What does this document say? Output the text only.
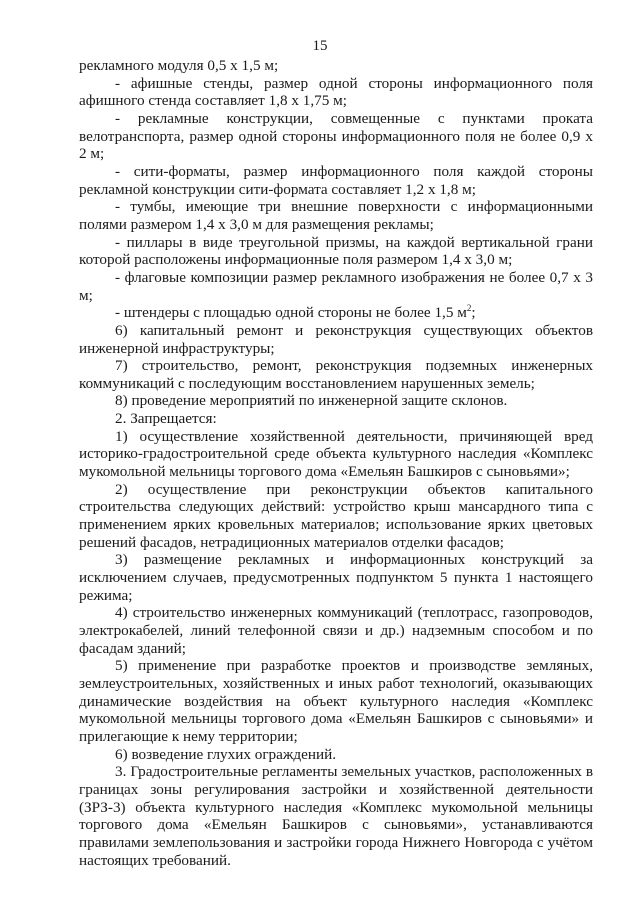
15

рекламного модуля 0,5 х 1,5 м;

- афишные стенды, размер одной стороны информационного поля афишного стенда составляет 1,8 х 1,75 м;

- рекламные конструкции, совмещенные с пунктами проката велотранспорта, размер одной стороны информационного поля не более 0,9 х 2 м;

- сити-форматы, размер информационного поля каждой стороны рекламной конструкции сити-формата составляет 1,2 х 1,8 м;

- тумбы, имеющие три внешние поверхности с информационными полями размером 1,4 х 3,0 м для размещения рекламы;

- пиллары в виде треугольной призмы, на каждой вертикальной грани которой расположены информационные поля размером 1,4 х 3,0 м;

- флаговые композиции размер рекламного изображения не более 0,7 х 3 м;

- штендеры с площадью одной стороны не более 1,5 $м^2$;

6) капитальный ремонт и реконструкция существующих объектов инженерной инфраструктуры;

7) строительство, ремонт, реконструкция подземных инженерных коммуникаций с последующим восстановлением нарушенных земель;

8) проведение мероприятий по инженерной защите склонов.

2. Запрещается:

1) осуществление хозяйственной деятельности, причиняющей вред историко-градостроительной среде объекта культурного наследия «Комплекс мукомольной мельницы торгового дома «Емельян Башкиров с сыновьями»;

2) осуществление при реконструкции объектов капитального строительства следующих действий: устройство крыш мансардного типа с применением ярких кровельных материалов; использование ярких цветовых решений фасадов, нетрадиционных материалов отделки фасадов;

3) размещение рекламных и информационных конструкций за исключением случаев, предусмотренных подпунктом 5 пункта 1 настоящего режима;

4) строительство инженерных коммуникаций (теплотрасс, газопроводов, электрокабелей, линий телефонной связи и др.) надземным способом и по фасадам зданий;

5) применение при разработке проектов и производстве земляных, землеустроительных, хозяйственных и иных работ технологий, оказывающих динамические воздействия на объект культурного наследия «Комплекс мукомольной мельницы торгового дома «Емельян Башкиров с сыновьями» и прилегающие к нему территории;

6) возведение глухих ограждений.

3. Градостроительные регламенты земельных участков, расположенных в границах зоны регулирования застройки и хозяйственной деятельности (ЗРЗ-3) объекта культурного наследия «Комплекс мукомольной мельницы торгового дома «Емельян Башкиров с сыновьями», устанавливаются правилами землепользования и застройки города Нижнего Новгорода с учётом настоящих требований.
